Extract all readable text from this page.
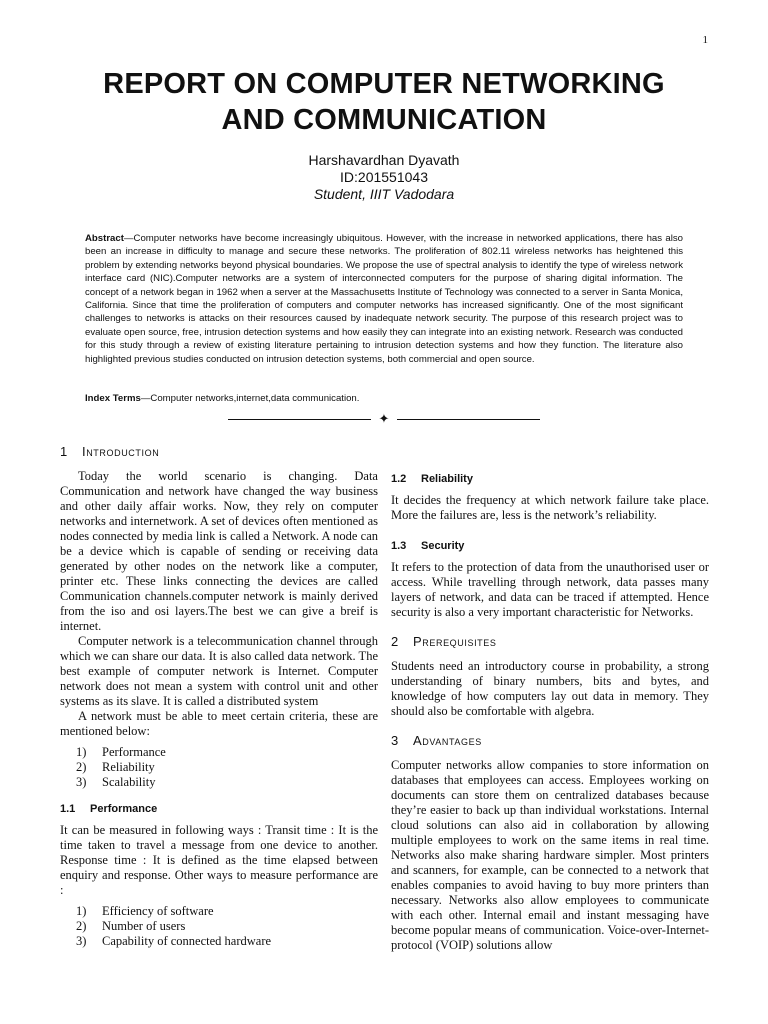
1
REPORT ON COMPUTER NETWORKING
AND COMMUNICATION
Harshavardhan Dyavath
ID:201551043
Student, IIIT Vadodara
Abstract—Computer networks have become increasingly ubiquitous. However, with the increase in networked applications, there has also been an increase in difficulty to manage and secure these networks. The proliferation of 802.11 wireless networks has heightened this problem by extending networks beyond physical boundaries. We propose the use of spectral analysis to identify the type of wireless network interface card (NIC).Computer networks are a system of interconnected computers for the purpose of sharing digital information. The concept of a network began in 1962 when a server at the Massachusetts Institute of Technology was connected to a server in Santa Monica, California. Since that time the proliferation of computers and computer networks has increased significantly. One of the most significant challenges to networks is attacks on their resources caused by inadequate network security. The purpose of this research project was to evaluate open source, free, intrusion detection systems and how easily they can integrate into an existing network. Research was conducted for this study through a review of existing literature pertaining to intrusion detection systems and how they function. The literature also highlighted previous studies conducted on intrusion detection systems, both commercial and open source.
Index Terms—Computer networks,internet,data communication.
✦
1	Introduction

Today the world scenario is changing. Data Communication and network have changed the way business and other daily affair works. Now, they rely on computer networks and internetwork. A set of devices often mentioned as nodes connected by media link is called a Network. A node can be a device which is capable of sending or receiving data generated by other nodes on the network like a computer, printer etc. These links connecting the devices are called Communication channels.computer network is mainly derived from the iso and osi layers.The best we can give a breif is internet.

Computer network is a telecommunication channel through which we can share our data. It is also called data network. The best example of computer network is Internet. Computer network does not mean a system with control unit and other systems as its slave. It is called a distributed system

A network must be able to meet certain criteria, these are mentioned below:

1)	Performance
2)	Reliability
3)	Scalability
1.1	Performance

It can be measured in following ways : Transit time : It is the time taken to travel a message from one device to another. Response time : It is defined as the time elapsed between enquiry and response. Other ways to measure performance are :

1)	Efficiency of software
2)	Number of users
3)	Capability of connected hardware
1.2	Reliability

It decides the frequency at which network failure take place. More the failures are, less is the network’s reliability.

1.3	Security

It refers to the protection of data from the unauthorised user or access. While travelling through network, data passes many layers of network, and data can be traced if attempted. Hence security is also a very important characteristic for Networks.

2	Prerequisites

Students need an introductory course in probability, a strong understanding of binary numbers, bits and bytes, and knowledge of how computers lay out data in memory. They should also be comfortable with algebra.

3	Advantages

Computer networks allow companies to store information on databases that employees can access. Employees working on documents can store them on centralized databases because they’re easier to back up than individual workstations. Internal cloud solutions can also aid in collaboration by allowing multiple employees to work on the same items in real time. Networks also make sharing hardware simpler. Most printers and scanners, for example, can be connected to a network that enables companies to avoid having to buy more printers than necessary. Networks also allow employees to communicate with each other. Internal email and instant messaging have become popular means of communication. Voice-over-Internet-protocol (VOIP) solutions allow
